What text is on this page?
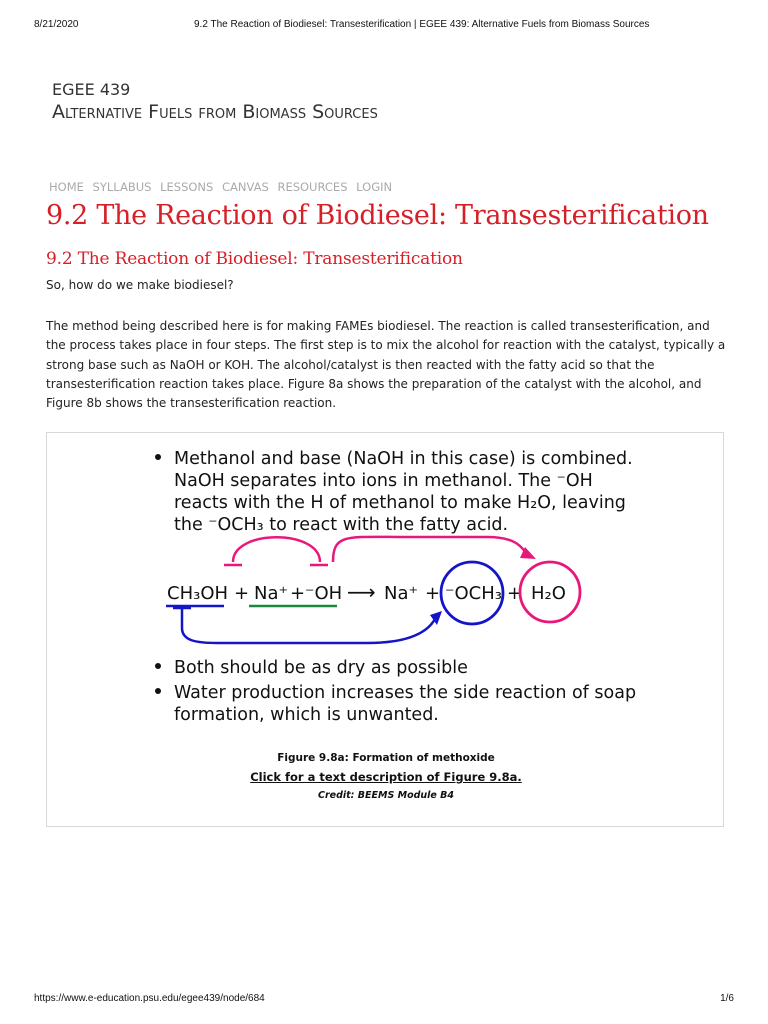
8/21/2020	9.2 The Reaction of Biodiesel: Transesterification | EGEE 439: Alternative Fuels from Biomass Sources
EGEE 439
Alternative Fuels from Biomass Sources
HOME SYLLABUS LESSONS CANVAS RESOURCES LOGIN
9.2 The Reaction of Biodiesel: Transesterification
9.2 The Reaction of Biodiesel: Transesterification

So, how do we make biodiesel?

The method being described here is for making FAMEs biodiesel. The reaction is called transesterification, and the process takes place in four steps. The first step is to mix the alcohol for reaction with the catalyst, typically a strong base such as NaOH or KOH. The alcohol/catalyst is then reacted with the fatty acid so that the transesterification reaction takes place. Figure 8a shows the preparation of the catalyst with the alcohol, and Figure 8b shows the transesterification reaction.

Methanol and base (NaOH in this case) is combined.
NaOH separates into ions in methanol. The ⁻OH
reacts with the H of methanol to make H₂O, leaving
the ⁻OCH₃ to react with the fatty acid.
CH₃OH + Na⁺ + ⁻OH ⟶ Na⁺ + ⁻OCH₃ + H₂O
Both should be as dry as possible
Water production increases the side reaction of soap
formation, which is unwanted.

Figure 9.8a: Formation of methoxide

Click for a text description of Figure 9.8a.

Credit: BEEMS Module B4

https://www.e-education.psu.edu/egee439/node/684	1/6
